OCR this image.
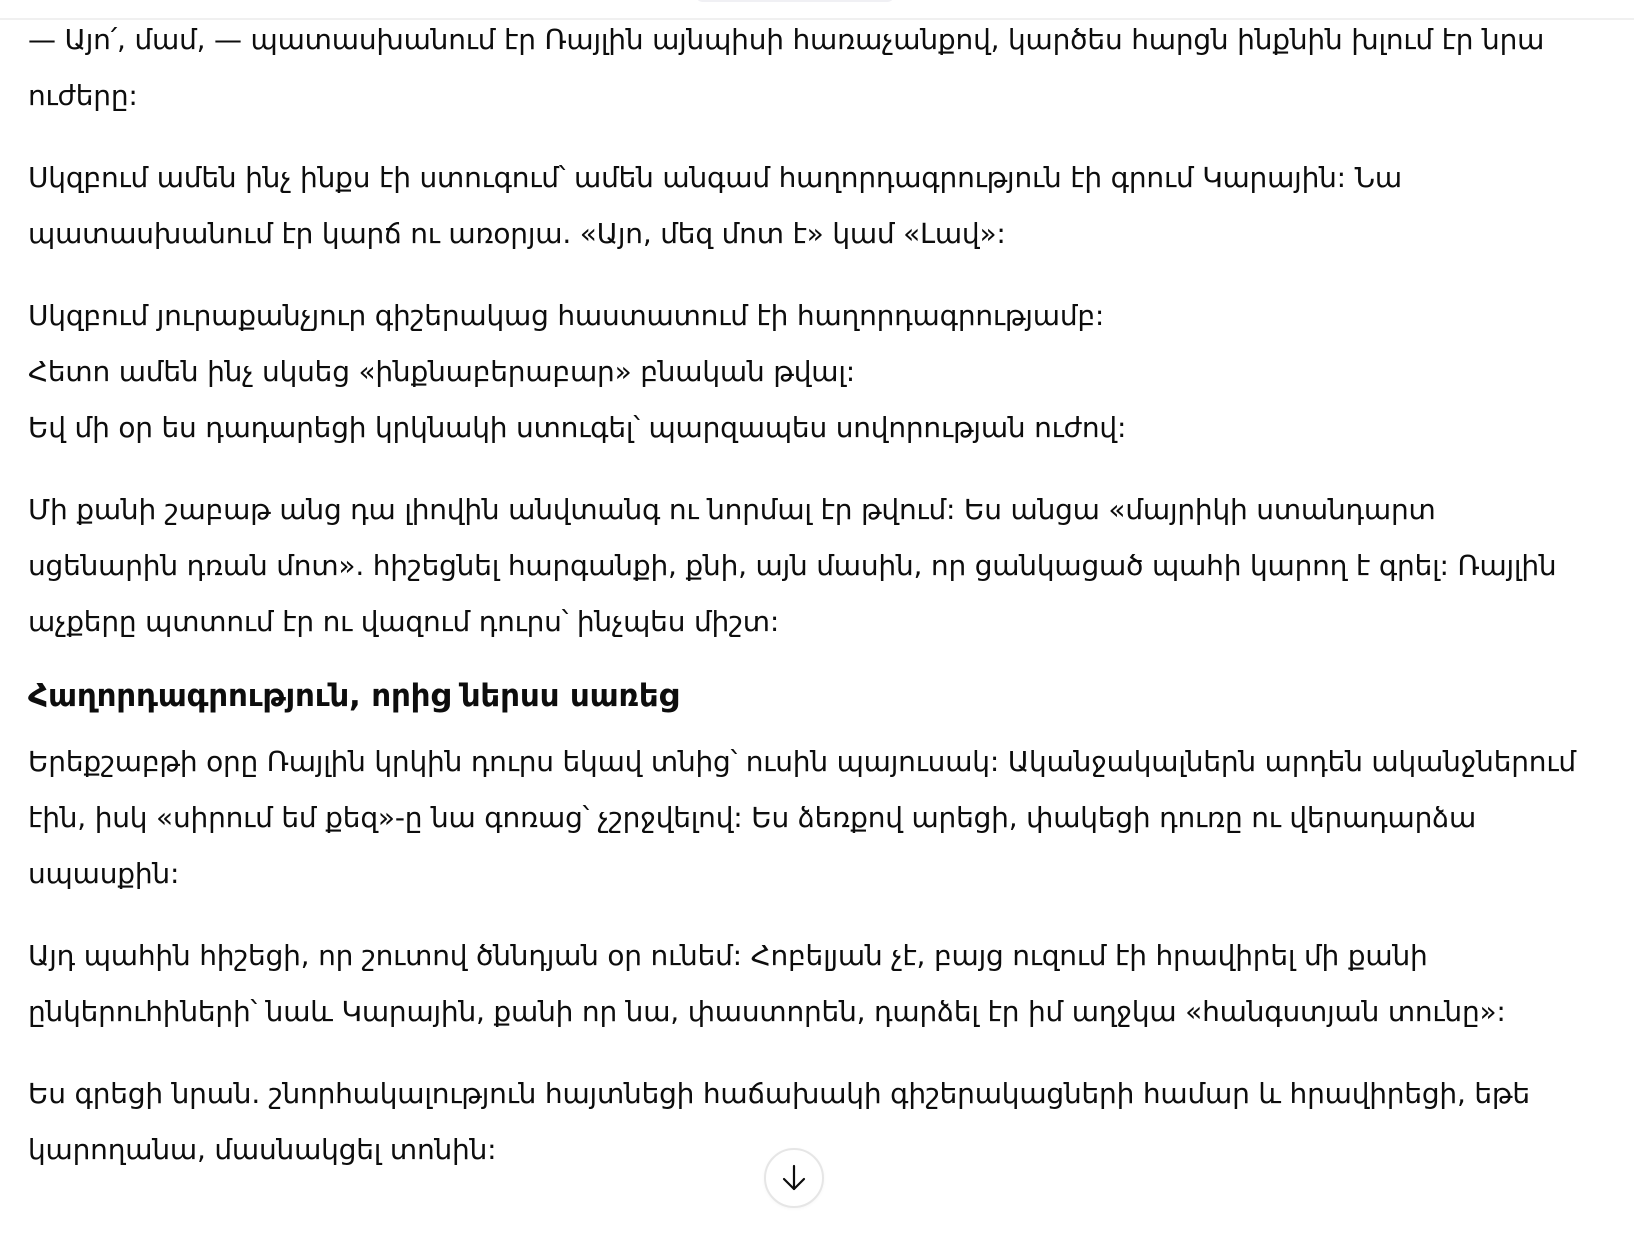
— Այո՛, մամ, — պատասխանում էր Ռայլին այնպիսի հառաչանքով, կարծես հարցն ինքնին խլում էր նրա ուժերը:

Սկզբում ամեն ինչ ինքս էի ստուգում՝ ամեն անգամ հաղորդագրություն էի գրում Կարային: Նա պատասխանում էր կարճ ու առօրյա. «Այո, մեզ մոտ է» կամ «Լավ»:

Սկզբում յուրաքանչյուր գիշերակաց հաստատում էի հաղորդագրությամբ:
Հետո ամեն ինչ սկսեց «ինքնաբերաբար» բնական թվալ:
Եվ մի օր ես դադարեցի կրկնակի ստուգել՝ պարզապես սովորության ուժով:

Մի քանի շաբաթ անց դա լիովին անվտանգ ու նորմալ էր թվում: Ես անցա «մայրիկի ստանդարտ սցենարին դռան մոտ». հիշեցնել հարգանքի, քնի, այն մասին, որ ցանկացած պահի կարող է գրել: Ռայլին աչքերը պտտում էր ու վազում դուրս՝ ինչպես միշտ:

Հաղորդագրություն, որից ներսս սառեց

Երեքշաբթի օրը Ռայլին կրկին դուրս եկավ տնից՝ ուսին պայուսակ: Ականջակալներն արդեն ականջներում էին, իսկ «սիրում եմ քեզ»-ը նա գոռաց՝ չշրջվելով: Ես ձեռքով արեցի, փակեցի դուռը ու վերադարձա սպասքին:

Այդ պահին հիշեցի, որ շուտով ծննդյան օր ունեմ: Հոբելյան չէ, բայց ուզում էի հրավիրել մի քանի ընկերուհիների՝ նաև Կարային, քանի որ նա, փաստորեն, դարձել էր իմ աղջկա «հանգստյան տունը»:

Ես գրեցի նրան. շնորհակալություն հայտնեցի հաճախակի գիշերակացների համար և հրավիրեցի, եթե կարողանա, մասնակցել տոնին:
